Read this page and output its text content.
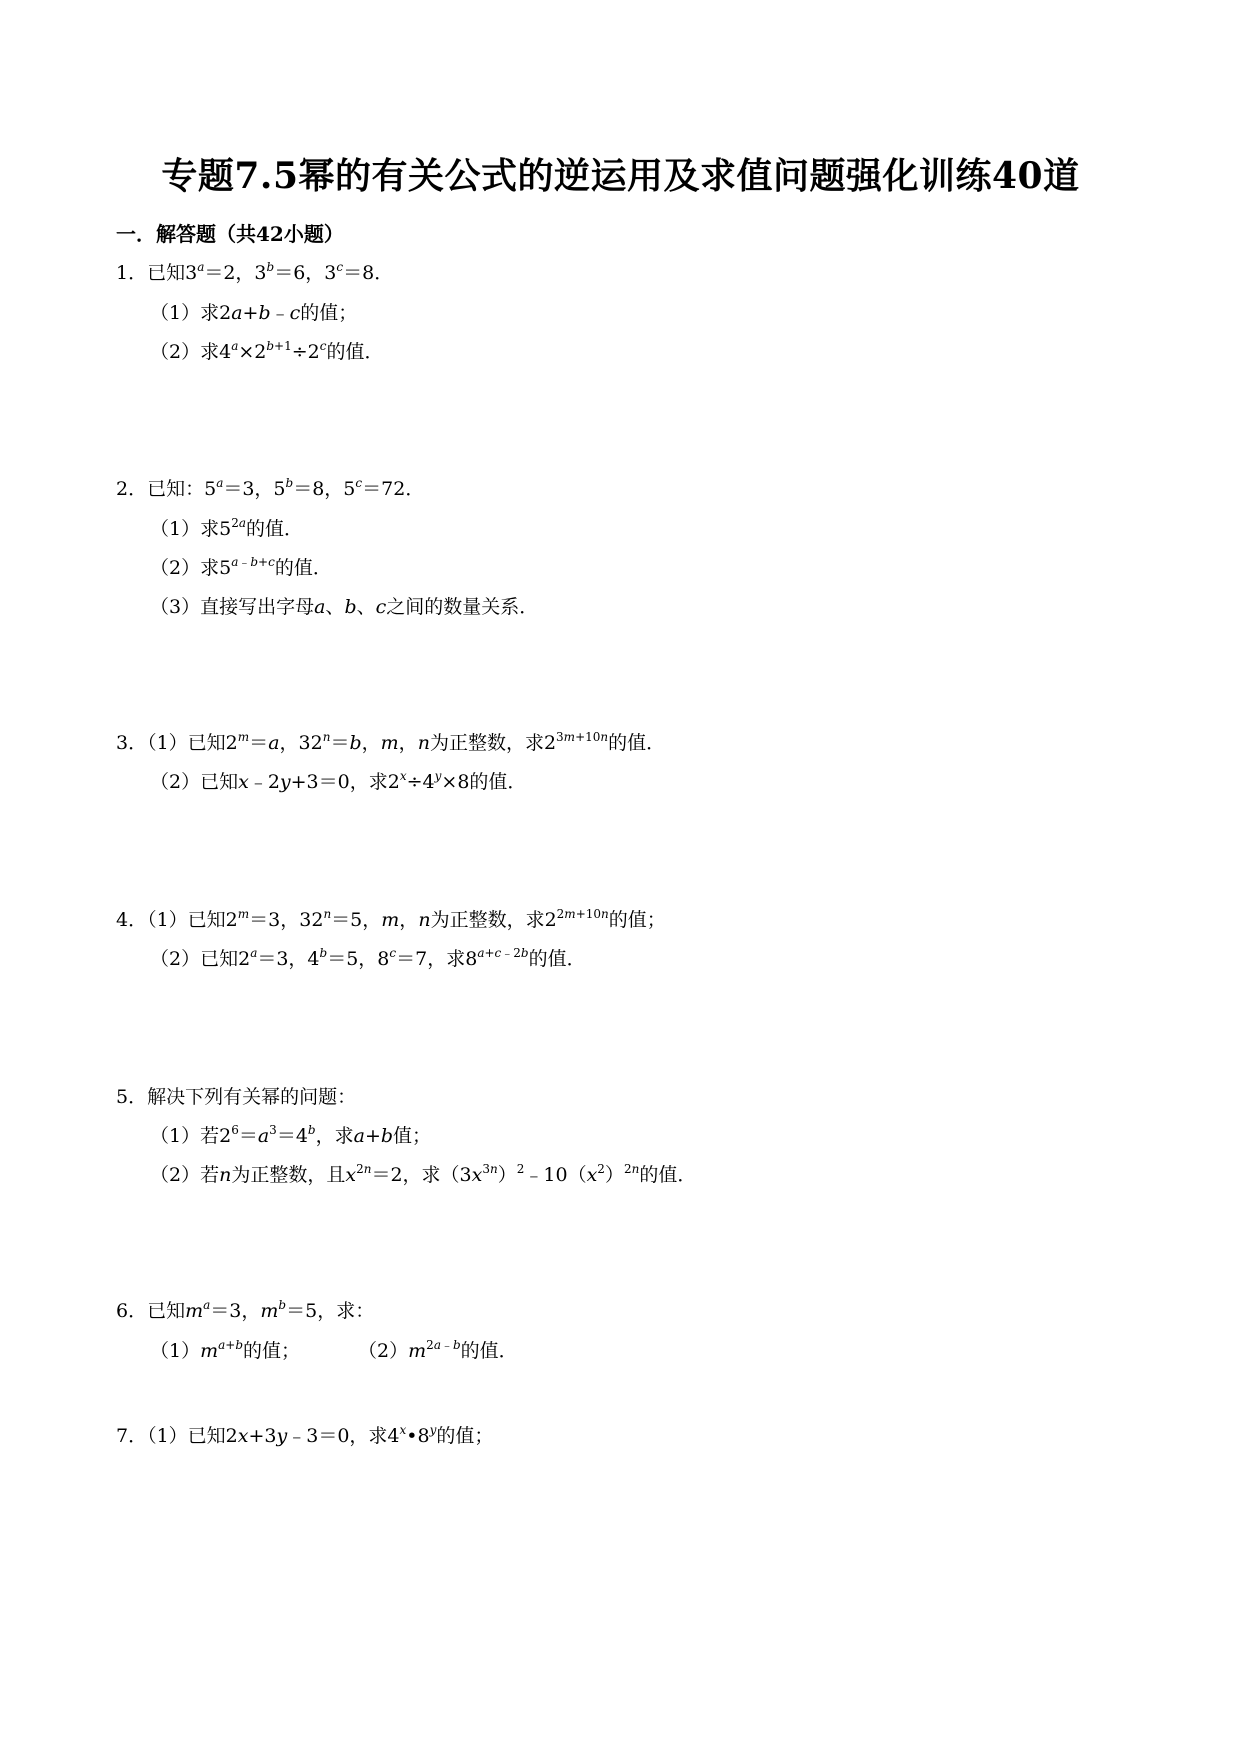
专题7.5幂的有关公式的逆运用及求值问题强化训练40道
一．解答题（共42小题）
1．已知$3^a=2$，$3^b=6$，$3^c=8$．
（1）求2a+b﹣c的值；
（2）求$4^a\times 2^{b+1}\div 2^c$的值．
2．已知：$5^a=3$，$5^b=8$，$5^c=72$．
（1）求$5^{2a}$的值．
（2）求$5^{a﹣b+c}$的值．
（3）直接写出字母a、b、c之间的数量关系．
3．（1）已知$2^m=a$，$32^n=b$，m，n为正整数，求$2^{3m+10n}$的值．
（2）已知x﹣2y+3＝0，求$2^x\div 4^y\times 8$的值．
4．（1）已知$2^m=3$，$32^n=5$，m，n为正整数，求$2^{2m+10n}$的值；
（2）已知$2^a=3$，$4^b=5$，$8^c=7$，求$8^{a+c﹣2b}$的值．
5．解决下列有关幂的问题：
（1）若$2^6=a^3=4^b$，求a+b值；
（2）若n为正整数，且$x^{2n}=2$，求$(3x^{3n})^2﹣10(x^2)^{2n}$的值．
6．已知$m^a=3$，$m^b=5$，求：
$(1)m^{a+b}$的值；	$(2)m^{2a﹣b}$的值．
7．（1）已知2x+3y﹣3＝0，求4$^x$•8$^y$的值；
